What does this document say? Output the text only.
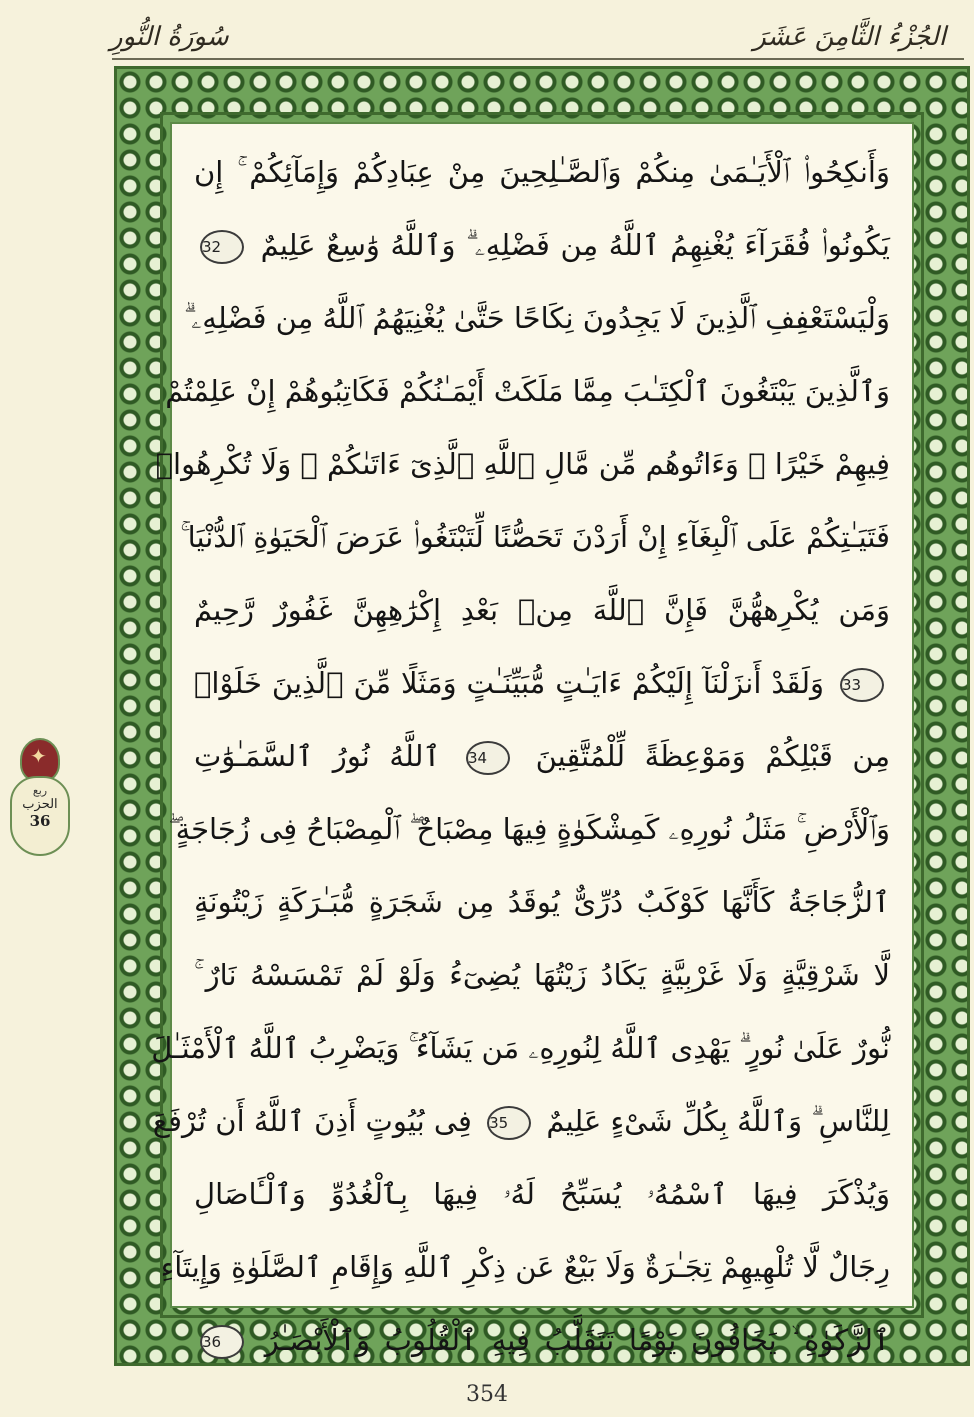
سُورَةُ النُّورِ	الجُزْءُ الثَّامِنَ عَشَرَ
وَأَنكِحُوا۟ ٱلْأَيَـٰمَىٰ مِنكُمْ وَٱلصَّـٰلِحِينَ مِنْ عِبَادِكُمْ وَإِمَآئِكُمْ ۚ إِن
يَكُونُوا۟ فُقَرَآءَ يُغْنِهِمُ ٱللَّهُ مِن فَضْلِهِۦ ۗ وَٱللَّهُ وَٰسِعٌ عَلِيمٌ 32
وَلْيَسْتَعْفِفِ ٱلَّذِينَ لَا يَجِدُونَ نِكَاحًا حَتَّىٰ يُغْنِيَهُمُ ٱللَّهُ مِن فَضْلِهِۦ ۗ
وَٱلَّذِينَ يَبْتَغُونَ ٱلْكِتَـٰبَ مِمَّا مَلَكَتْ أَيْمَـٰنُكُمْ فَكَاتِبُوهُمْ إِنْ عَلِمْتُمْ
فِيهِمْ خَيْرًا ۖ وَءَاتُوهُم مِّن مَّالِ ٱللَّهِ ٱلَّذِىٓ ءَاتَىٰكُمْ ۚ وَلَا تُكْرِهُوا۟
فَتَيَـٰتِكُمْ عَلَى ٱلْبِغَآءِ إِنْ أَرَدْنَ تَحَصُّنًا لِّتَبْتَغُوا۟ عَرَضَ ٱلْحَيَوٰةِ ٱلدُّنْيَا ۚ
وَمَن يُكْرِههُّنَّ فَإِنَّ ٱللَّهَ مِنۢ بَعْدِ إِكْرَٰهِهِنَّ غَفُورٌ رَّحِيمٌ
33 وَلَقَدْ أَنزَلْنَآ إِلَيْكُمْ ءَايَـٰتٍ مُّبَيِّنَـٰتٍ وَمَثَلًا مِّنَ ٱلَّذِينَ خَلَوْا۟
مِن قَبْلِكُمْ وَمَوْعِظَةً لِّلْمُتَّقِينَ 34 ٱللَّهُ نُورُ ٱلسَّمَـٰوَٰتِ
وَٱلْأَرْضِ ۚ مَثَلُ نُورِهِۦ كَمِشْكَوٰةٍ فِيهَا مِصْبَاحٌ ۖ ٱلْمِصْبَاحُ فِى زُجَاجَةٍ ۖ
ٱلزُّجَاجَةُ كَأَنَّهَا كَوْكَبٌ دُرِّىٌّ يُوقَدُ مِن شَجَرَةٍ مُّبَـٰرَكَةٍ زَيْتُونَةٍ
لَّا شَرْقِيَّةٍ وَلَا غَرْبِيَّةٍ يَكَادُ زَيْتُهَا يُضِىٓءُ وَلَوْ لَمْ تَمْسَسْهُ نَارٌ ۚ
نُّورٌ عَلَىٰ نُورٍ ۗ يَهْدِى ٱللَّهُ لِنُورِهِۦ مَن يَشَآءُ ۚ وَيَضْرِبُ ٱللَّهُ ٱلْأَمْثَـٰلَ
لِلنَّاسِ ۗ وَٱللَّهُ بِكُلِّ شَىْءٍ عَلِيمٌ 35 فِى بُيُوتٍ أَذِنَ ٱللَّهُ أَن تُرْفَعَ
وَيُذْكَرَ فِيهَا ٱسْمُهُۥ يُسَبِّحُ لَهُۥ فِيهَا بِٱلْغُدُوِّ وَٱلْـَٔاصَالِ
رِجَالٌ لَّا تُلْهِيهِمْ تِجَـٰرَةٌ وَلَا بَيْعٌ عَن ذِكْرِ ٱللَّهِ وَإِقَامِ ٱلصَّلَوٰةِ وَإِيتَآءِ
ٱلزَّكَوٰةِ ۙ يَخَافُونَ يَوْمًا تَتَقَلَّبُ فِيهِ ٱلْقُلُوبُ وَٱلْأَبْصَـٰرُ 36
✦
ربع
الحزب
36
354
